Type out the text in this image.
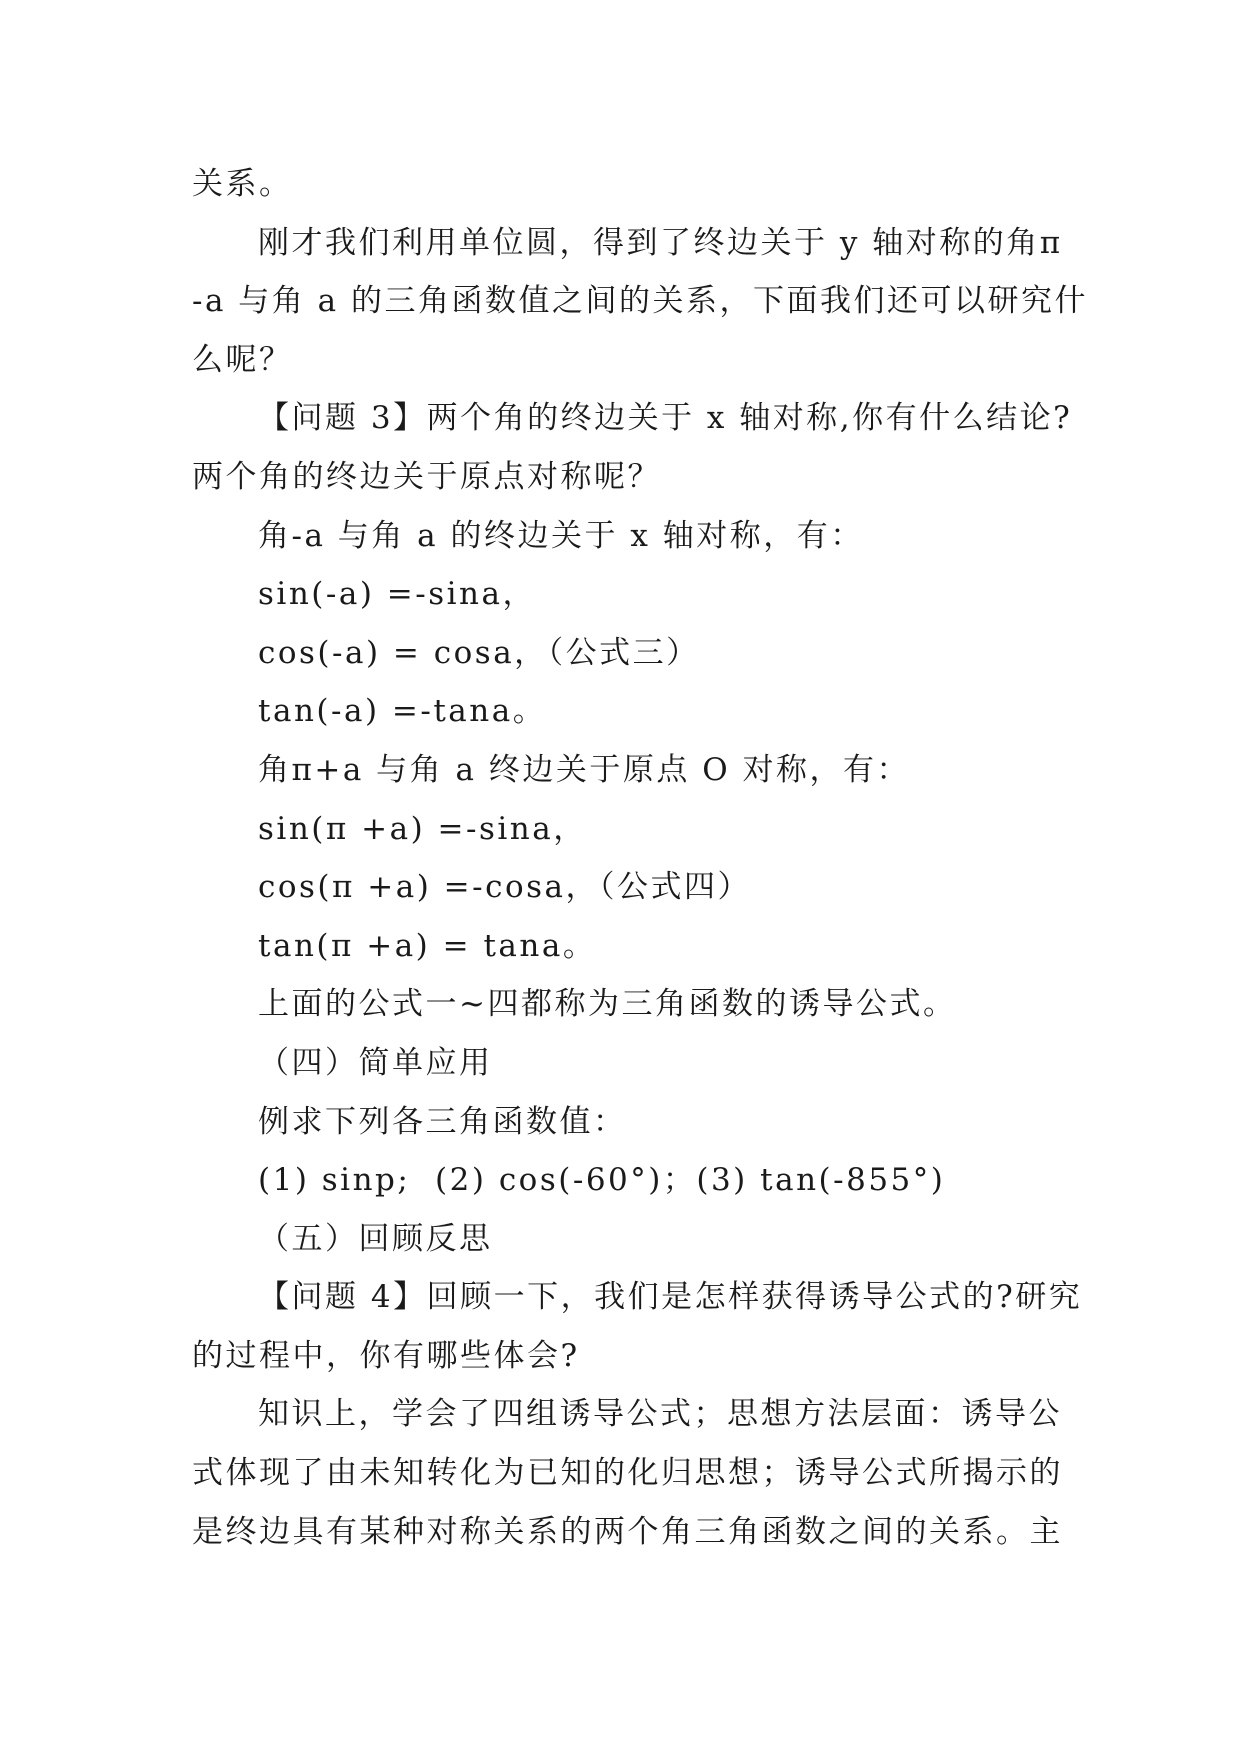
关系。
刚才我们利用单位圆，得到了终边关于 y 轴对称的角π
-a 与角 a 的三角函数值之间的关系，下面我们还可以研究什
么呢？
【问题 3】两个角的终边关于 x 轴对称,你有什么结论?
两个角的终边关于原点对称呢？
角-a 与角 a 的终边关于 x 轴对称，有：
sin(-a) =-sina，
cos(-a) = cosa，（公式三）
tan(-a) =-tana。
角π+a 与角 a 终边关于原点 O 对称，有：
sin(π +a) =-sina，
cos(π +a) =-cosa，（公式四）
tan(π +a) = tana。
上面的公式一~四都称为三角函数的诱导公式。
（四）简单应用
例求下列各三角函数值：
(1) sinp;  (2) cos(-60°)；(3) tan(-855°)
（五）回顾反思
【问题 4】回顾一下，我们是怎样获得诱导公式的?研究
的过程中，你有哪些体会?
知识上，学会了四组诱导公式；思想方法层面：诱导公
式体现了由未知转化为已知的化归思想；诱导公式所揭示的
是终边具有某种对称关系的两个角三角函数之间的关系。主
